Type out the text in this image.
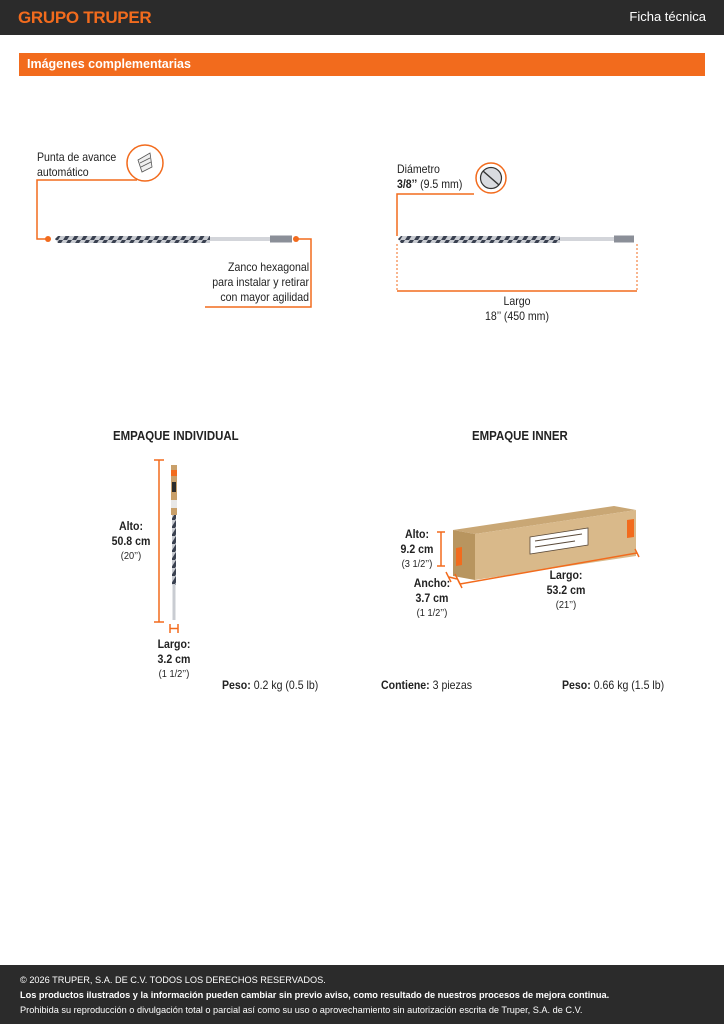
GRUPO TRUPER	Ficha técnica
Imágenes complementarias
Punta de avance
automático
Zanco hexagonal
para instalar y retirar
con mayor agilidad
Diámetro
3/8’’ (9.5 mm)
Largo
18’’ (450 mm)
EMPAQUE INDIVIDUAL	EMPAQUE INNER
Alto:
50.8 cm
(20’’)
Largo:
3.2 cm
(1 1/2’’)
Peso: 0.2 kg (0.5 lb)
Alto:
9.2 cm
(3 1/2’’)
Ancho:
3.7 cm
(1 1/2’’)
Largo:
53.2 cm
(21’’)
Contiene: 3 piezas	Peso: 0.66 kg (1.5 lb)
© 2026 TRUPER, S.A. DE C.V. TODOS LOS DERECHOS RESERVADOS.
Los productos ilustrados y la información pueden cambiar sin previo aviso, como resultado de nuestros procesos de mejora continua.
Prohibida su reproducción o divulgación total o parcial así como su uso o aprovechamiento sin autorización escrita de Truper, S.A. de C.V.
